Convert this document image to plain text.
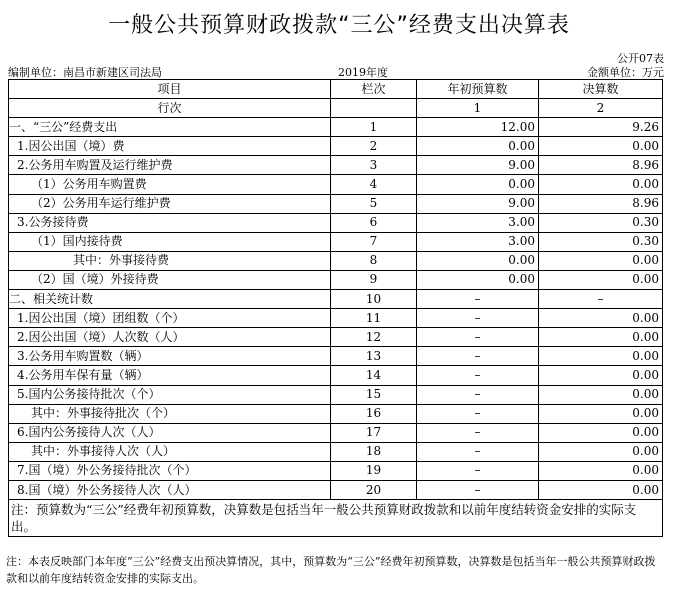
一般公共预算财政拨款“三公”经费支出决算表
公开07表
编制单位：南昌市新建区司法局	2019年度	金额单位：万元
项目	栏次	年初预算数	决算数
行次		1	2
一、“三公”经费支出	1	12.00	9.26
1.因公出国（境）费	2	0.00	0.00
2.公务用车购置及运行维护费	3	9.00	8.96
（1）公务用车购置费	4	0.00	0.00
（2）公务用车运行维护费	5	9.00	8.96
3.公务接待费	6	3.00	0.30
（1）国内接待费	7	3.00	0.30
其中：外事接待费	8	0.00	0.00
（2）国（境）外接待费	9	0.00	0.00
二、相关统计数	10	–	–
1.因公出国（境）团组数（个）	11	–	0.00
2.因公出国（境）人次数（人）	12	–	0.00
3.公务用车购置数（辆）	13	–	0.00
4.公务用车保有量（辆）	14	–	0.00
5.国内公务接待批次（个）	15	–	0.00
其中：外事接待批次（个）	16	–	0.00
6.国内公务接待人次（人）	17	–	0.00
其中：外事接待人次（人）	18	–	0.00
7.国（境）外公务接待批次（个）	19	–	0.00
8.国（境）外公务接待人次（人）	20	–	0.00
注：预算数为“三公”经费年初预算数，决算数是包括当年一般公共预算财政拨款和以前年度结转资金安排的实际支出。			
注：本表反映部门本年度“三公”经费支出预决算情况，其中，预算数为“三公”经费年初预算数，决算数是包括当年一般公共预算财政拨款和以前年度结转资金安排的实际支出。
